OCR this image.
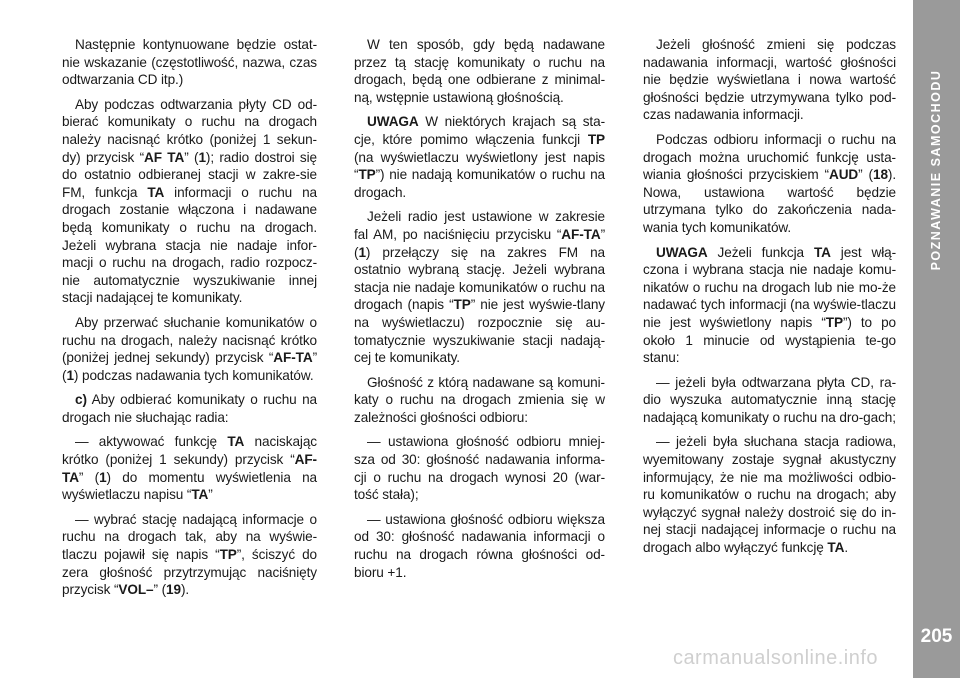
Następnie kontynuowane będzie ostat-nie wskazanie (częstotliwość, nazwa, czas odtwarzania CD itp.)

Aby podczas odtwarzania płyty CD od-bierać komunikaty o ruchu na drogach należy nacisnąć krótko (poniżej 1 sekun-dy) przycisk “AF TA” (1); radio dostroi się do ostatnio odbieranej stacji w zakre-sie FM, funkcja TA informacji o ruchu na drogach zostanie włączona i nadawane będą komunikaty o ruchu na drogach. Jeżeli wybrana stacja nie nadaje infor-macji o ruchu na drogach, radio rozpocz-nie automatycznie wyszukiwanie innej stacji nadającej te komunikaty.

Aby przerwać słuchanie komunikatów o ruchu na drogach, należy nacisnąć krótko (poniżej jednej sekundy) przycisk “AF-TA” (1) podczas nadawania tych komunikatów.

c) Aby odbierać komunikaty o ruchu na drogach nie słuchając radia:

— aktywować funkcję TA naciskając krótko (poniżej 1 sekundy) przycisk “AF-TA” (1) do momentu wyświetlenia na wyświetlaczu napisu “TA”

— wybrać stację nadającą informacje o ruchu na drogach tak, aby na wyświe-tlaczu pojawił się napis “TP”, ściszyć do zera głośność przytrzymując naciśnięty przycisk “VOL–” (19).

W ten sposób, gdy będą nadawane przez tą stację komunikaty o ruchu na drogach, będą one odbierane z minimal-ną, wstępnie ustawioną głośnością.

UWAGA W niektórych krajach są sta-cje, które pomimo włączenia funkcji TP (na wyświetlaczu wyświetlony jest napis “TP”) nie nadają komunikatów o ruchu na drogach.

Jeżeli radio jest ustawione w zakresie fal AM, po naciśnięciu przycisku “AF-TA” (1) przełączy się na zakres FM na ostatnio wybraną stację. Jeżeli wybrana stacja nie nadaje komunikatów o ruchu na drogach (napis “TP” nie jest wyświe-tlany na wyświetlaczu) rozpocznie się au-tomatycznie wyszukiwanie stacji nadają-cej te komunikaty.

Głośność z którą nadawane są komuni-katy o ruchu na drogach zmienia się w zależności głośności odbioru:

— ustawiona głośność odbioru mniej-sza od 30: głośność nadawania informa-cji o ruchu na drogach wynosi 20 (war-tość stała);

— ustawiona głośność odbioru większa od 30: głośność nadawania informacji o ruchu na drogach równa głośności od-bioru +1.

Jeżeli głośność zmieni się podczas nadawania informacji, wartość głośności nie będzie wyświetlana i nowa wartość głośności będzie utrzymywana tylko pod-czas nadawania informacji.

Podczas odbioru informacji o ruchu na drogach można uruchomić funkcję usta-wiania głośności przyciskiem “AUD” (18). Nowa, ustawiona wartość będzie utrzymana tylko do zakończenia nada-wania tych komunikatów.

UWAGA Jeżeli funkcja TA jest włą-czona i wybrana stacja nie nadaje komu-nikatów o ruchu na drogach lub nie mo-że nadawać tych informacji (na wyświe-tlaczu nie jest wyświetlony napis “TP”) to po około 1 minucie od wystąpienia te-go stanu:

— jeżeli była odtwarzana płyta CD, ra-dio wyszuka automatycznie inną stację nadającą komunikaty o ruchu na dro-gach;

— jeżeli była słuchana stacja radiowa, wyemitowany zostaje sygnał akustyczny informujący, że nie ma możliwości odbio-ru komunikatów o ruchu na drogach; aby wyłączyć sygnał należy dostroić się do in-nej stacji nadającej informacje o ruchu na drogach albo wyłączyć funkcję TA.

POZNAWANIE SAMOCHODU
205
carmanualsonline.info
